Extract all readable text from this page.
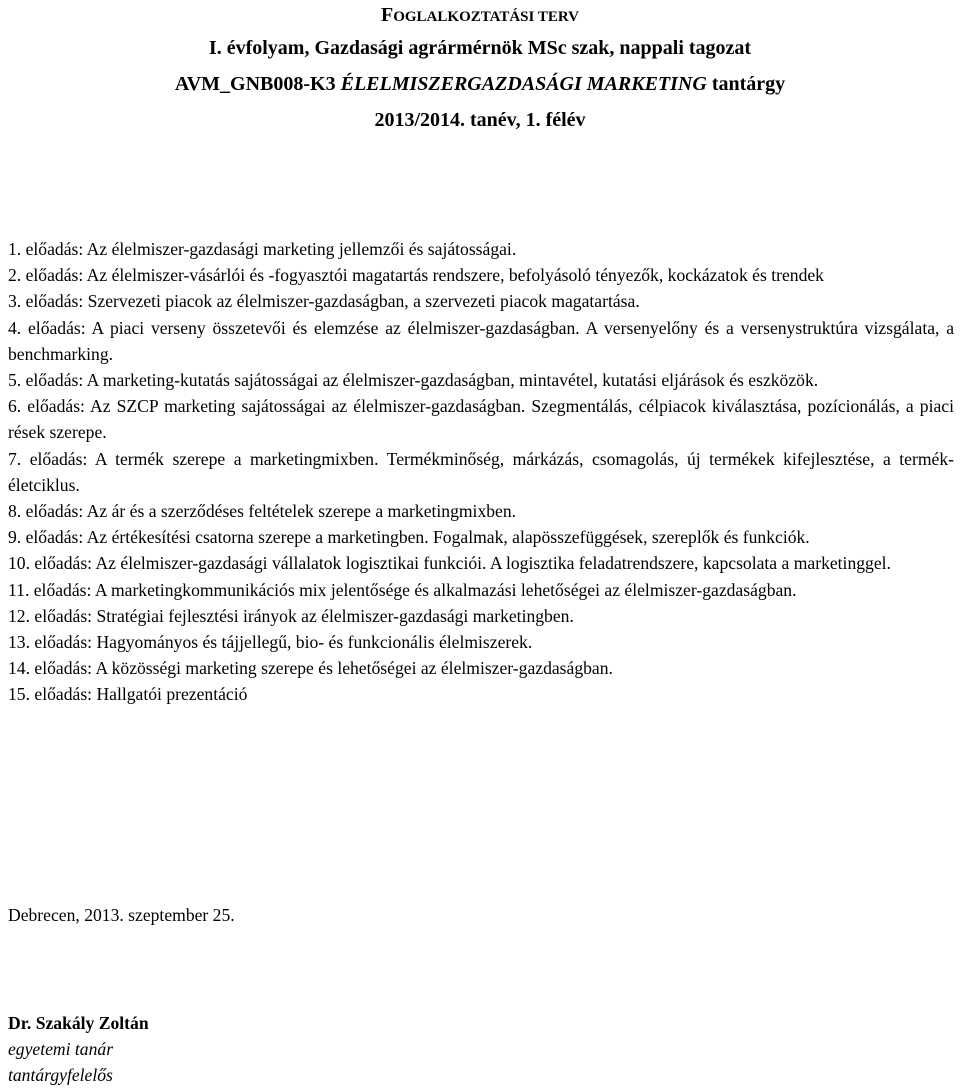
FOGLALKOZTATÁSI TERV
I. évfolyam, Gazdasági agrármérnök MSc szak, nappali tagozat
AVM_GNB008-K3 ÉLELMISZERGAZDASÁGI MARKETING tantárgy
2013/2014. tanév, 1. félév

1. előadás: Az élelmiszer-gazdasági marketing jellemzői és sajátosságai.

2. előadás: Az élelmiszer-vásárlói és -fogyasztói magatartás rendszere, befolyásoló tényezők, kockázatok és trendek

3. előadás: Szervezeti piacok az élelmiszer-gazdaságban, a szervezeti piacok magatartása.

4. előadás: A piaci verseny összetevői és elemzése az élelmiszer-gazdaságban. A versenyelőny és a versenystruktúra vizsgálata, a benchmarking.

5. előadás: A marketing-kutatás sajátosságai az élelmiszer-gazdaságban, mintavétel, kutatási eljárások és eszközök.

6. előadás: Az SZCP marketing sajátosságai az élelmiszer-gazdaságban. Szegmentálás, célpiacok kiválasztása, pozícionálás, a piaci rések szerepe.

7. előadás: A termék szerepe a marketingmixben. Termékminőség, márkázás, csomagolás, új termékek kifejlesztése, a termék-életciklus.

8. előadás: Az ár és a szerződéses feltételek szerepe a marketingmixben.

9. előadás: Az értékesítési csatorna szerepe a marketingben. Fogalmak, alapösszefüggések, szereplők és funkciók.

10. előadás: Az élelmiszer-gazdasági vállalatok logisztikai funkciói. A logisztika feladatrendszere, kapcsolata a marketinggel.

11. előadás: A marketingkommunikációs mix jelentősége és alkalmazási lehetőségei az élelmiszer-gazdaságban.

12. előadás: Stratégiai fejlesztési irányok az élelmiszer-gazdasági marketingben.

13. előadás: Hagyományos és tájjellegű, bio- és funkcionális élelmiszerek.

14. előadás: A közösségi marketing szerepe és lehetőségei az élelmiszer-gazdaságban.

15. előadás: Hallgatói prezentáció

Debrecen, 2013. szeptember 25.
Dr. Szakály Zoltán
egyetemi tanár
tantárgyfelelős
